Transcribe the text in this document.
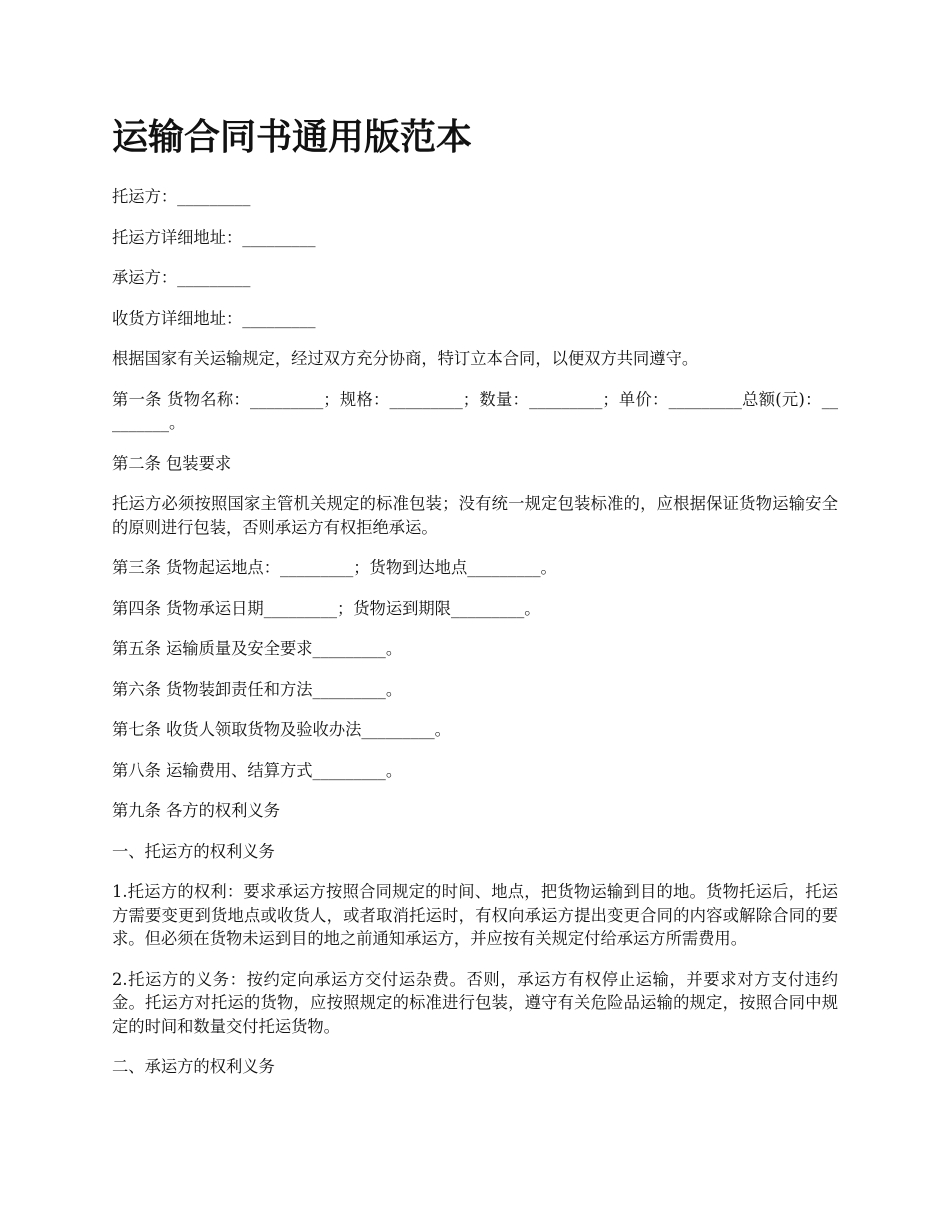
运输合同书通用版范本

托运方：_________

托运方详细地址：_________

承运方：_________

收货方详细地址：_________

根据国家有关运输规定，经过双方充分协商，特订立本合同，以便双方共同遵守。

第一条 货物名称：_________；规格：_________；数量：_________；单价：_________总额(元)：_________。

第二条 包装要求

托运方必须按照国家主管机关规定的标准包装；没有统一规定包装标准的，应根据保证货物运输安全的原则进行包装，否则承运方有权拒绝承运。

第三条 货物起运地点：_________；货物到达地点_________。

第四条 货物承运日期_________；货物运到期限_________。

第五条 运输质量及安全要求_________。

第六条 货物装卸责任和方法_________。

第七条 收货人领取货物及验收办法_________。

第八条 运输费用、结算方式_________。

第九条 各方的权利义务

一、托运方的权利义务

1.托运方的权利：要求承运方按照合同规定的时间、地点，把货物运输到目的地。货物托运后，托运方需要变更到货地点或收货人，或者取消托运时，有权向承运方提出变更合同的内容或解除合同的要求。但必须在货物未运到目的地之前通知承运方，并应按有关规定付给承运方所需费用。

2.托运方的义务：按约定向承运方交付运杂费。否则，承运方有权停止运输，并要求对方支付违约金。托运方对托运的货物，应按照规定的标准进行包装，遵守有关危险品运输的规定，按照合同中规定的时间和数量交付托运货物。

二、承运方的权利义务
